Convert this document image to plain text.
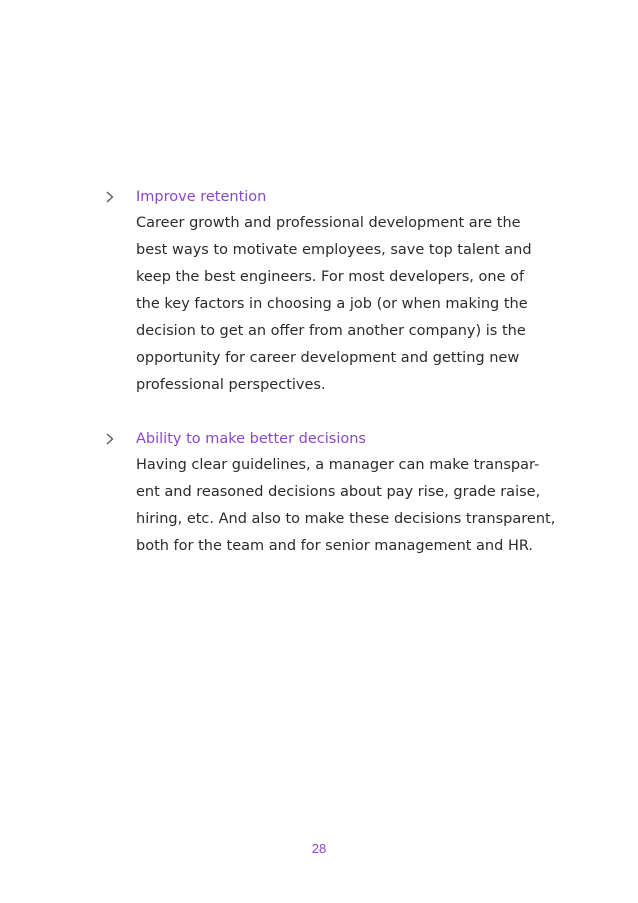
Improve retention
Career growth and professional development are the
best ways to motivate employees, save top talent and
keep the best engineers. For most developers, one of
the key factors in choosing a job (or when making the
decision to get an offer from another company) is the
opportunity for career development and getting new
professional perspectives.
Ability to make better decisions
Having clear guidelines, a manager can make transpar-
ent and reasoned decisions about pay rise, grade raise,
hiring, etc. And also to make these decisions transparent,
both for the team and for senior management and HR.
28
